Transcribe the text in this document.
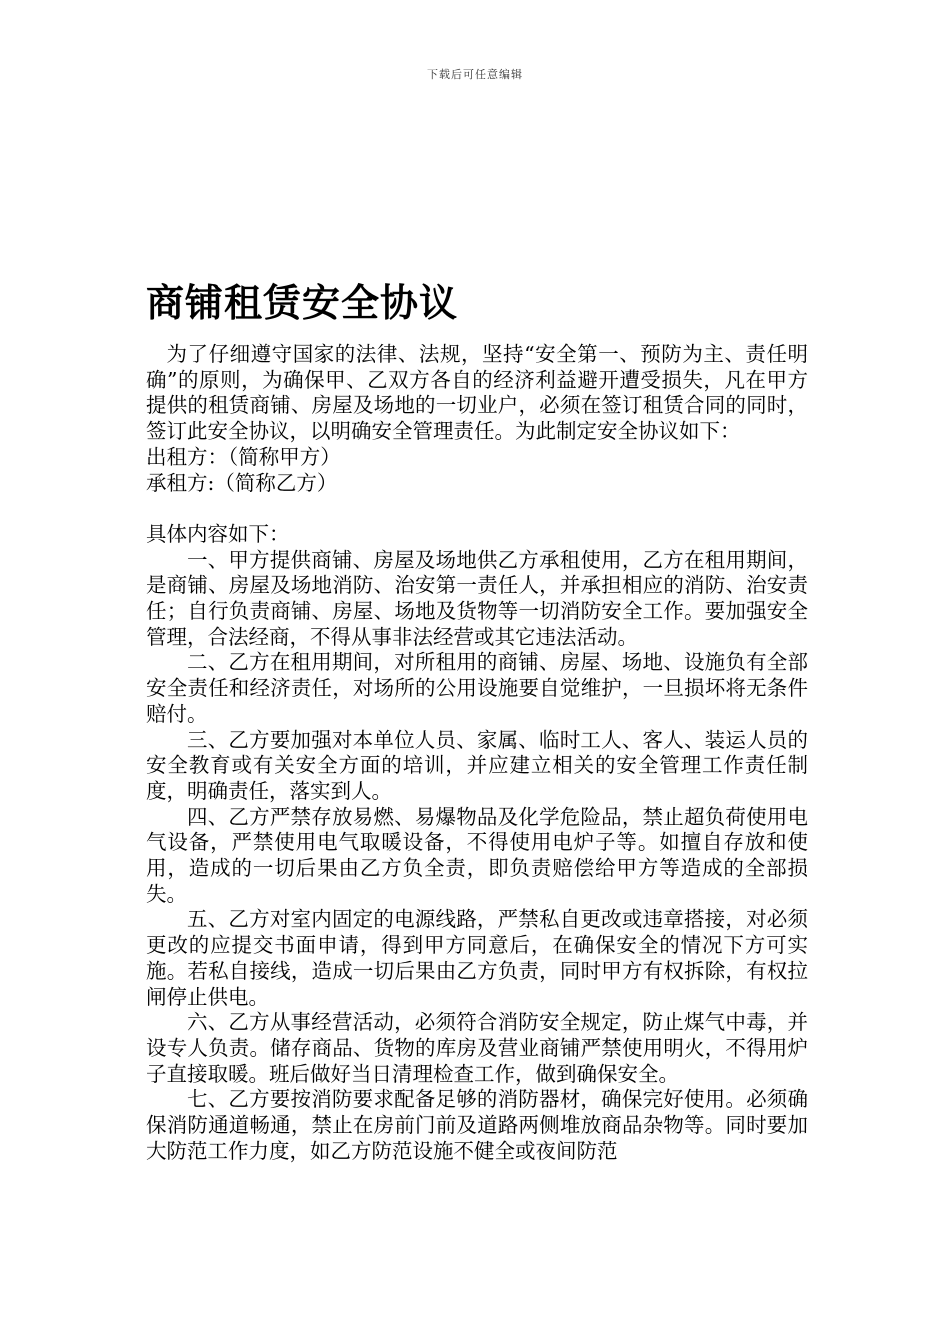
下载后可任意编辑
商铺租赁安全协议

为了仔细遵守国家的法律、法规，坚持“安全第一、预防为主、责任明确”的原则，为确保甲、乙双方各自的经济利益避开遭受损失，凡在甲方提供的租赁商铺、房屋及场地的一切业户，必须在签订租赁合同的同时，签订此安全协议，以明确安全管理责任。为此制定安全协议如下：

出租方：（简称甲方）

承租方:（简称乙方）

具体内容如下：

一、甲方提供商铺、房屋及场地供乙方承租使用，乙方在租用期间，是商铺、房屋及场地消防、治安第一责任人，并承担相应的消防、治安责任；自行负责商铺、房屋、场地及货物等一切消防安全工作。要加强安全管理，合法经商，不得从事非法经营或其它违法活动。

二、乙方在租用期间，对所租用的商铺、房屋、场地、设施负有全部安全责任和经济责任，对场所的公用设施要自觉维护，一旦损坏将无条件赔付。

三、乙方要加强对本单位人员、家属、临时工人、客人、装运人员的安全教育或有关安全方面的培训，并应建立相关的安全管理工作责任制度，明确责任，落实到人。

四、乙方严禁存放易燃、易爆物品及化学危险品，禁止超负荷使用电气设备，严禁使用电气取暖设备，不得使用电炉子等。如擅自存放和使用，造成的一切后果由乙方负全责，即负责赔偿给甲方等造成的全部损失。

五、乙方对室内固定的电源线路，严禁私自更改或违章搭接，对必须更改的应提交书面申请，得到甲方同意后，在确保安全的情况下方可实施。若私自接线，造成一切后果由乙方负责，同时甲方有权拆除，有权拉闸停止供电。

六、乙方从事经营活动，必须符合消防安全规定，防止煤气中毒，并设专人负责。储存商品、货物的库房及营业商铺严禁使用明火，不得用炉子直接取暖。班后做好当日清理检查工作，做到确保安全。

七、乙方要按消防要求配备足够的消防器材，确保完好使用。必须确保消防通道畅通，禁止在房前门前及道路两侧堆放商品杂物等。同时要加大防范工作力度，如乙方防范设施不健全或夜间防范
